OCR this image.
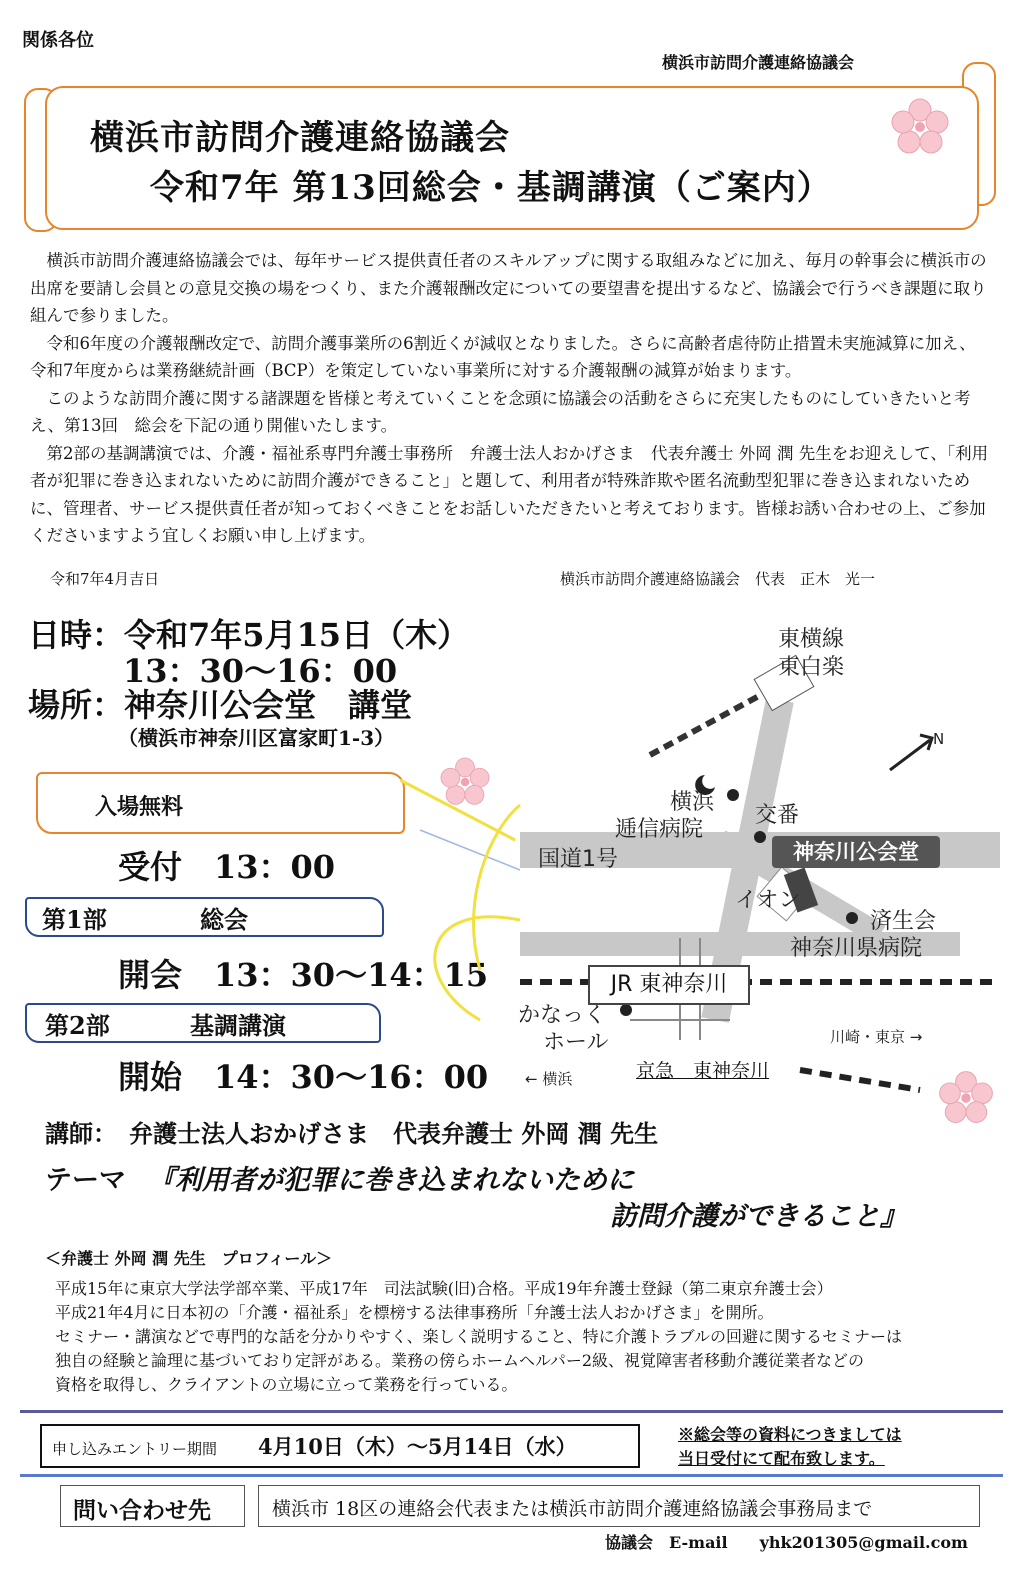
関係各位
横浜市訪問介護連絡協議会
横浜市訪問介護連絡協議会
令和7年 第13回総会・基調講演（ご案内）

横浜市訪問介護連絡協議会では、毎年サービス提供責任者のスキルアップに関する取組みなどに加え、毎月の幹事会に横浜市の出席を要請し会員との意見交換の場をつくり、また介護報酬改定についての要望書を提出するなど、協議会で行うべき課題に取り組んで参りました。

令和6年度の介護報酬改定で、訪問介護事業所の6割近くが減収となりました。さらに高齢者虐待防止措置未実施減算に加え、令和7年度からは業務継続計画（BCP）を策定していない事業所に対する介護報酬の減算が始まります。

このような訪問介護に関する諸課題を皆様と考えていくことを念頭に協議会の活動をさらに充実したものにしていきたいと考え、第13回　総会を下記の通り開催いたします。

第2部の基調講演では、介護・福祉系専門弁護士事務所　弁護士法人おかげさま　代表弁護士 外岡 潤 先生をお迎えして、「利用者が犯罪に巻き込まれないために訪問介護ができること」と題して、利用者が特殊詐欺や匿名流動型犯罪に巻き込まれないために、管理者、サービス提供責任者が知っておくべきことをお話しいただきたいと考えております。皆様お誘い合わせの上、ご参加くださいますよう宜しくお願い申し上げます。

令和7年4月吉日	横浜市訪問介護連絡協議会　代表　正木　光一
日時：令和7年5月15日（木）
13：30～16：00
場所：神奈川公会堂　講堂
（横浜市神奈川区富家町1-3）
入場無料
受付　13：00
第1部	総会
開会　13：30～14：15
第2部	基調講演
開始　14：30～16：00
東横線
東白楽
N
横浜
逓信病院
交番
神奈川公会堂
国道1号
イオン
済生会
神奈川県病院
JR 東神奈川
かなっく
ホール	川崎・東京 →
← 横浜	京急　東神奈川
講師：　弁護士法人おかげさま　代表弁護士 外岡 潤 先生
テーマ 『利用者が犯罪に巻き込まれないために
訪問介護ができること』
＜弁護士 外岡 潤 先生　プロフィール＞

平成15年に東京大学法学部卒業、平成17年　司法試験(旧)合格。平成19年弁護士登録（第二東京弁護士会）

平成21年4月に日本初の「介護・福祉系」を標榜する法律事務所「弁護士法人おかげさま」を開所。

セミナー・講演などで専門的な話を分かりやすく、楽しく説明すること、特に介護トラブルの回避に関するセミナーは

独自の経験と論理に基づいており定評がある。業務の傍らホームヘルパー2級、視覚障害者移動介護従業者などの

資格を取得し、クライアントの立場に立って業務を行っている。

申し込みエントリー期間 4月10日（木）～5月14日（水）	※総会等の資料につきましては
当日受付にて配布致します。
問い合わせ先	横浜市 18区の連絡会代表または横浜市訪問介護連絡協議会事務局まで
協議会　E-mail　　yhk201305@gmail.com
